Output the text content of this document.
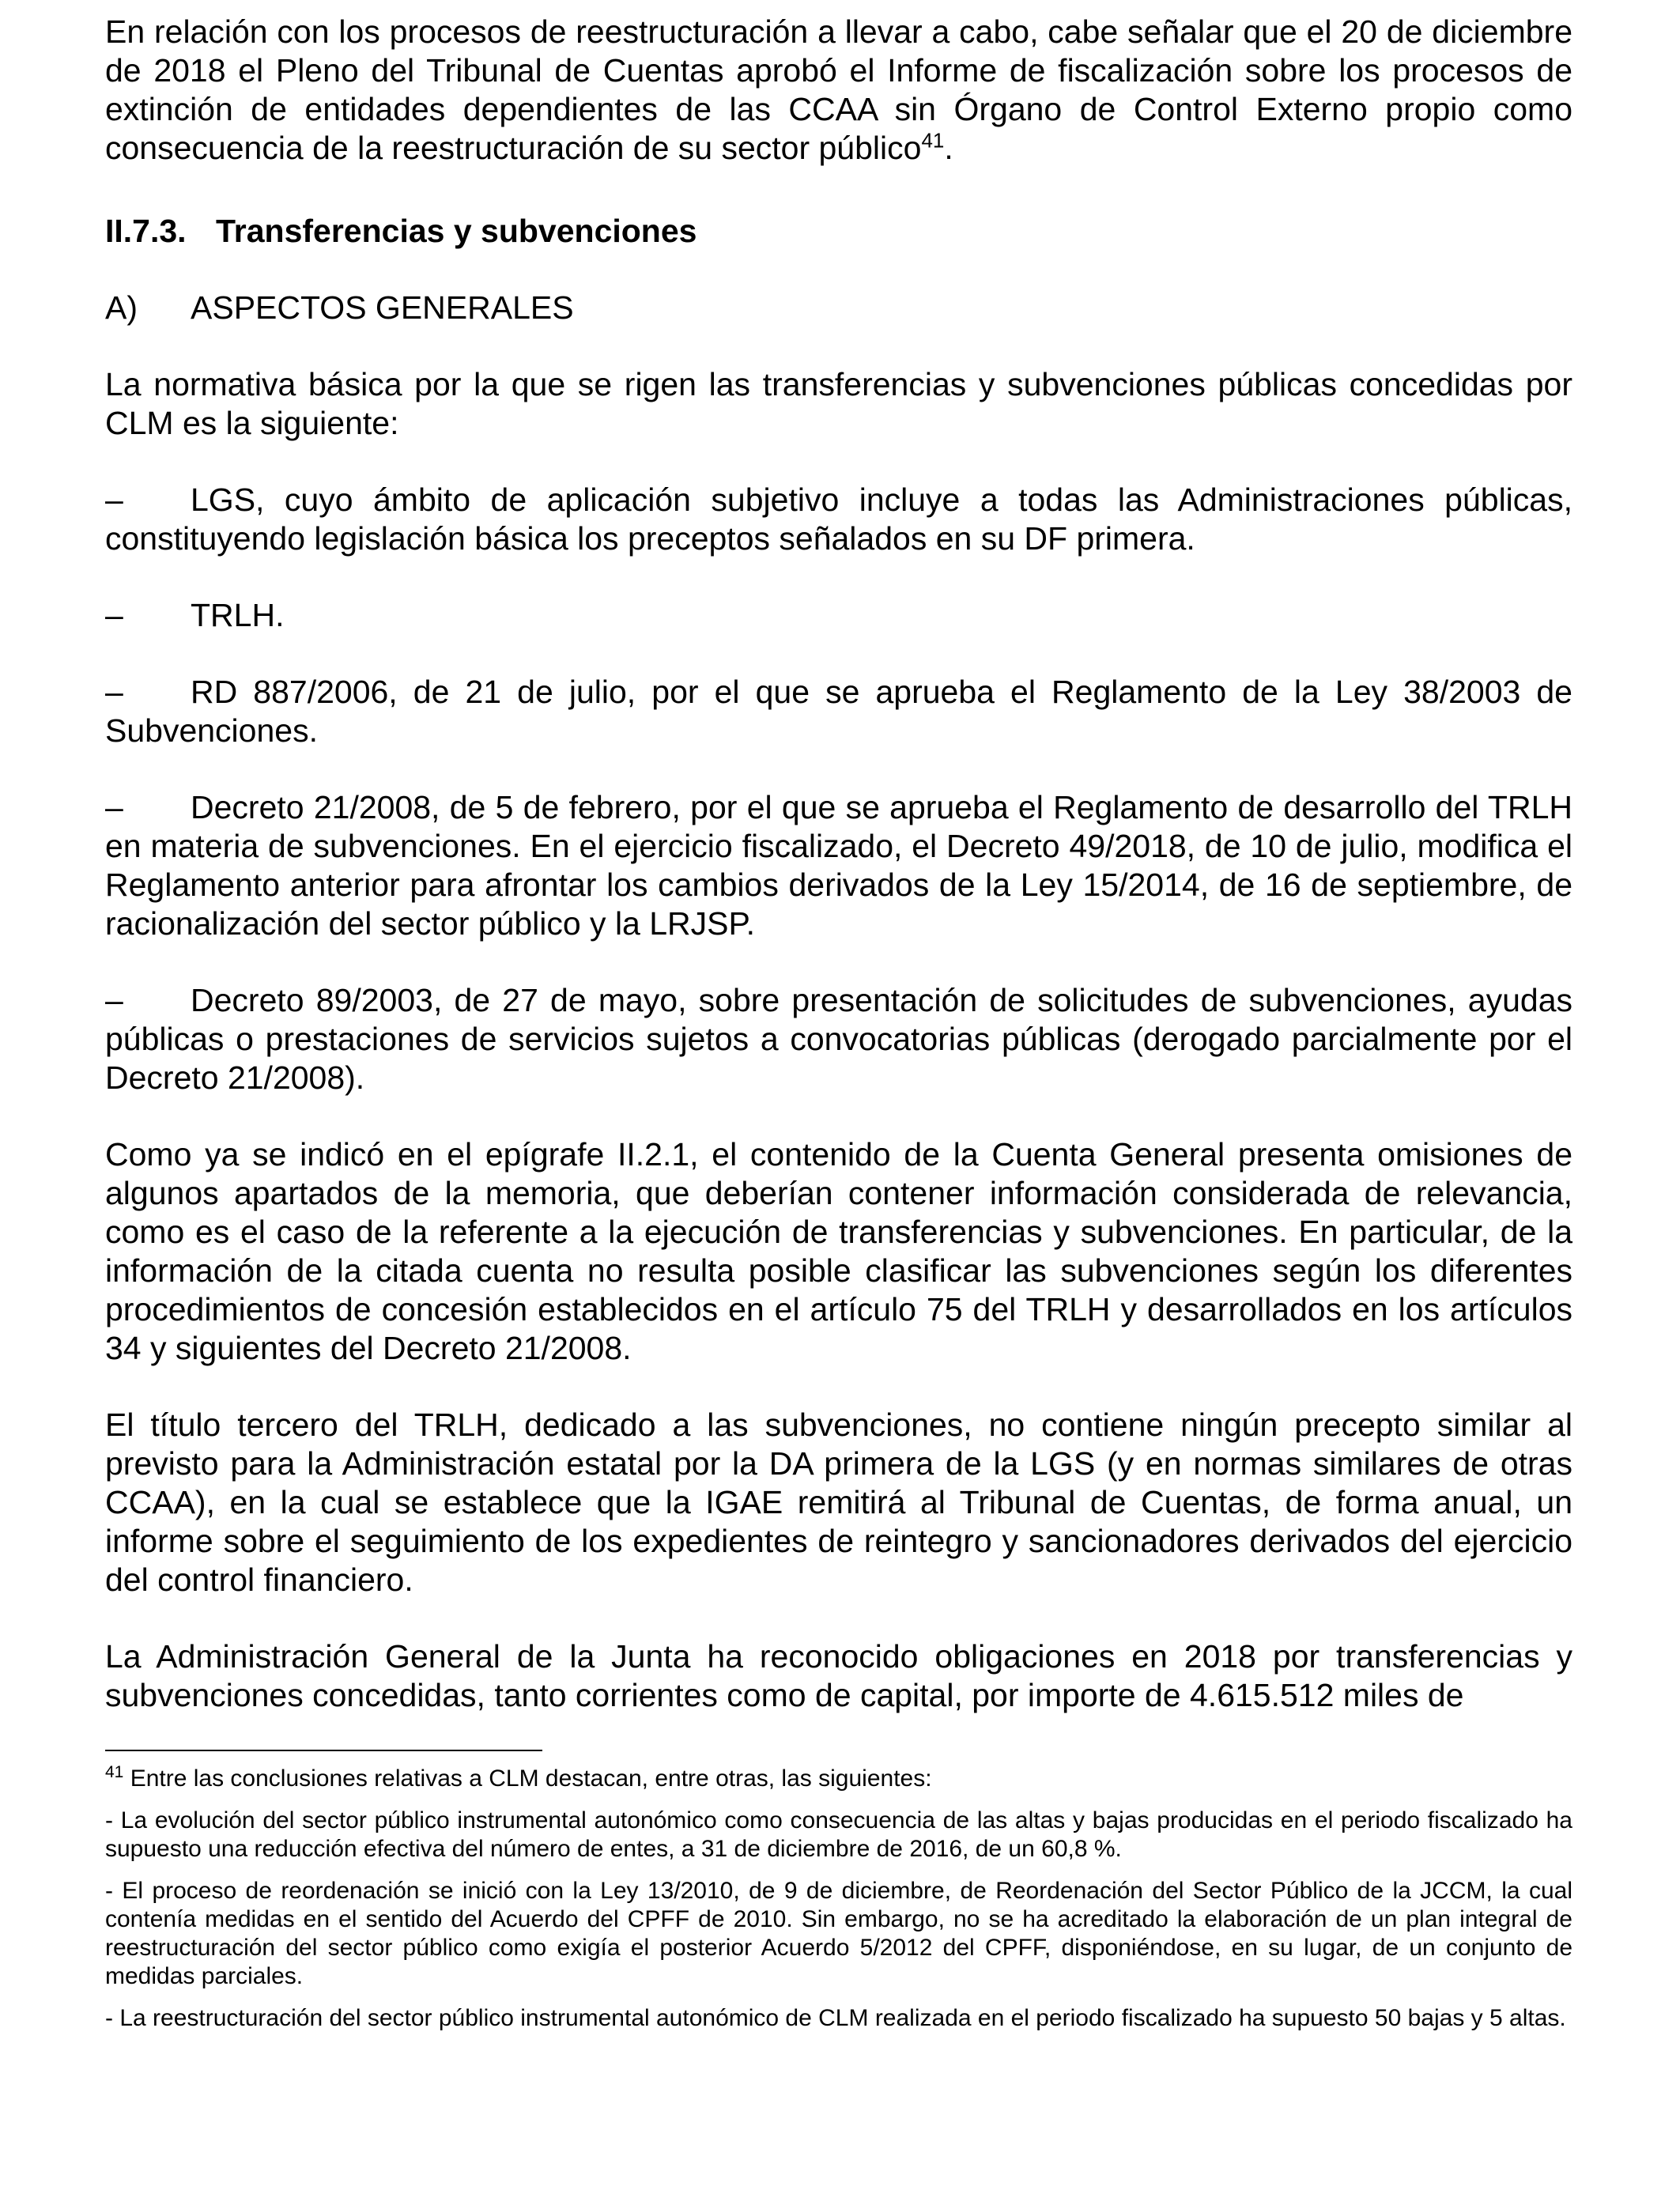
En relación con los procesos de reestructuración a llevar a cabo, cabe señalar que el 20 de diciembre de 2018 el Pleno del Tribunal de Cuentas aprobó el Informe de fiscalización sobre los procesos de extinción de entidades dependientes de las CCAA sin Órgano de Control Externo propio como consecuencia de la reestructuración de su sector público$^{41}$.

II.7.3. Transferencias y subvenciones
A)	ASPECTOS GENERALES

La normativa básica por la que se rigen las transferencias y subvenciones públicas concedidas por CLM es la siguiente:

– LGS, cuyo ámbito de aplicación subjetivo incluye a todas las Administraciones públicas, constituyendo legislación básica los preceptos señalados en su DF primera.

– TRLH.

– RD 887/2006, de 21 de julio, por el que se aprueba el Reglamento de la Ley 38/2003 de Subvenciones.

– Decreto 21/2008, de 5 de febrero, por el que se aprueba el Reglamento de desarrollo del TRLH en materia de subvenciones. En el ejercicio fiscalizado, el Decreto 49/2018, de 10 de julio, modifica el Reglamento anterior para afrontar los cambios derivados de la Ley 15/2014, de 16 de septiembre, de racionalización del sector público y la LRJSP.

– Decreto 89/2003, de 27 de mayo, sobre presentación de solicitudes de subvenciones, ayudas públicas o prestaciones de servicios sujetos a convocatorias públicas (derogado parcialmente por el Decreto 21/2008).

Como ya se indicó en el epígrafe II.2.1, el contenido de la Cuenta General presenta omisiones de algunos apartados de la memoria, que deberían contener información considerada de relevancia, como es el caso de la referente a la ejecución de transferencias y subvenciones. En particular, de la información de la citada cuenta no resulta posible clasificar las subvenciones según los diferentes procedimientos de concesión establecidos en el artículo 75 del TRLH y desarrollados en los artículos 34 y siguientes del Decreto 21/2008.

El título tercero del TRLH, dedicado a las subvenciones, no contiene ningún precepto similar al previsto para la Administración estatal por la DA primera de la LGS (y en normas similares de otras CCAA), en la cual se establece que la IGAE remitirá al Tribunal de Cuentas, de forma anual, un informe sobre el seguimiento de los expedientes de reintegro y sancionadores derivados del ejercicio del control financiero.

La Administración General de la Junta ha reconocido obligaciones en 2018 por transferencias y subvenciones concedidas, tanto corrientes como de capital, por importe de 4.615.512 miles de

$^{41}$ Entre las conclusiones relativas a CLM destacan, entre otras, las siguientes:

- La evolución del sector público instrumental autonómico como consecuencia de las altas y bajas producidas en el periodo fiscalizado ha supuesto una reducción efectiva del número de entes, a 31 de diciembre de 2016, de un 60,8 %.

- El proceso de reordenación se inició con la Ley 13/2010, de 9 de diciembre, de Reordenación del Sector Público de la JCCM, la cual contenía medidas en el sentido del Acuerdo del CPFF de 2010. Sin embargo, no se ha acreditado la elaboración de un plan integral de reestructuración del sector público como exigía el posterior Acuerdo 5/2012 del CPFF, disponiéndose, en su lugar, de un conjunto de medidas parciales.

- La reestructuración del sector público instrumental autonómico de CLM realizada en el periodo fiscalizado ha supuesto 50 bajas y 5 altas.
